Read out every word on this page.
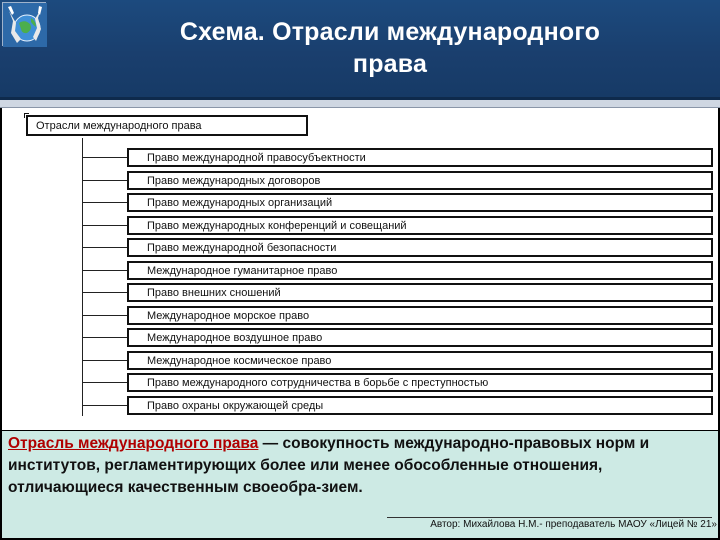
Схема. Отрасли международного
права
Отрасли международного права
Право международной правосубъектности
Право международных договоров
Право международных организаций
Право международных конференций и совещаний
Право международной безопасности
Международное гуманитарное право
Право внешних сношений
Международное морское право
Международное воздушное право
Международное космическое право
Право международного сотрудничества в борьбе с преступностью
Право охраны окружающей среды
Отрасль международного права — совокупность международно-правовых норм и институтов, регламентирующих более или менее обособленные отношения, отличающиеся качественным своеобра-зием.
Автор: Михайлова Н.М.- преподаватель МАОУ «Лицей № 21»
